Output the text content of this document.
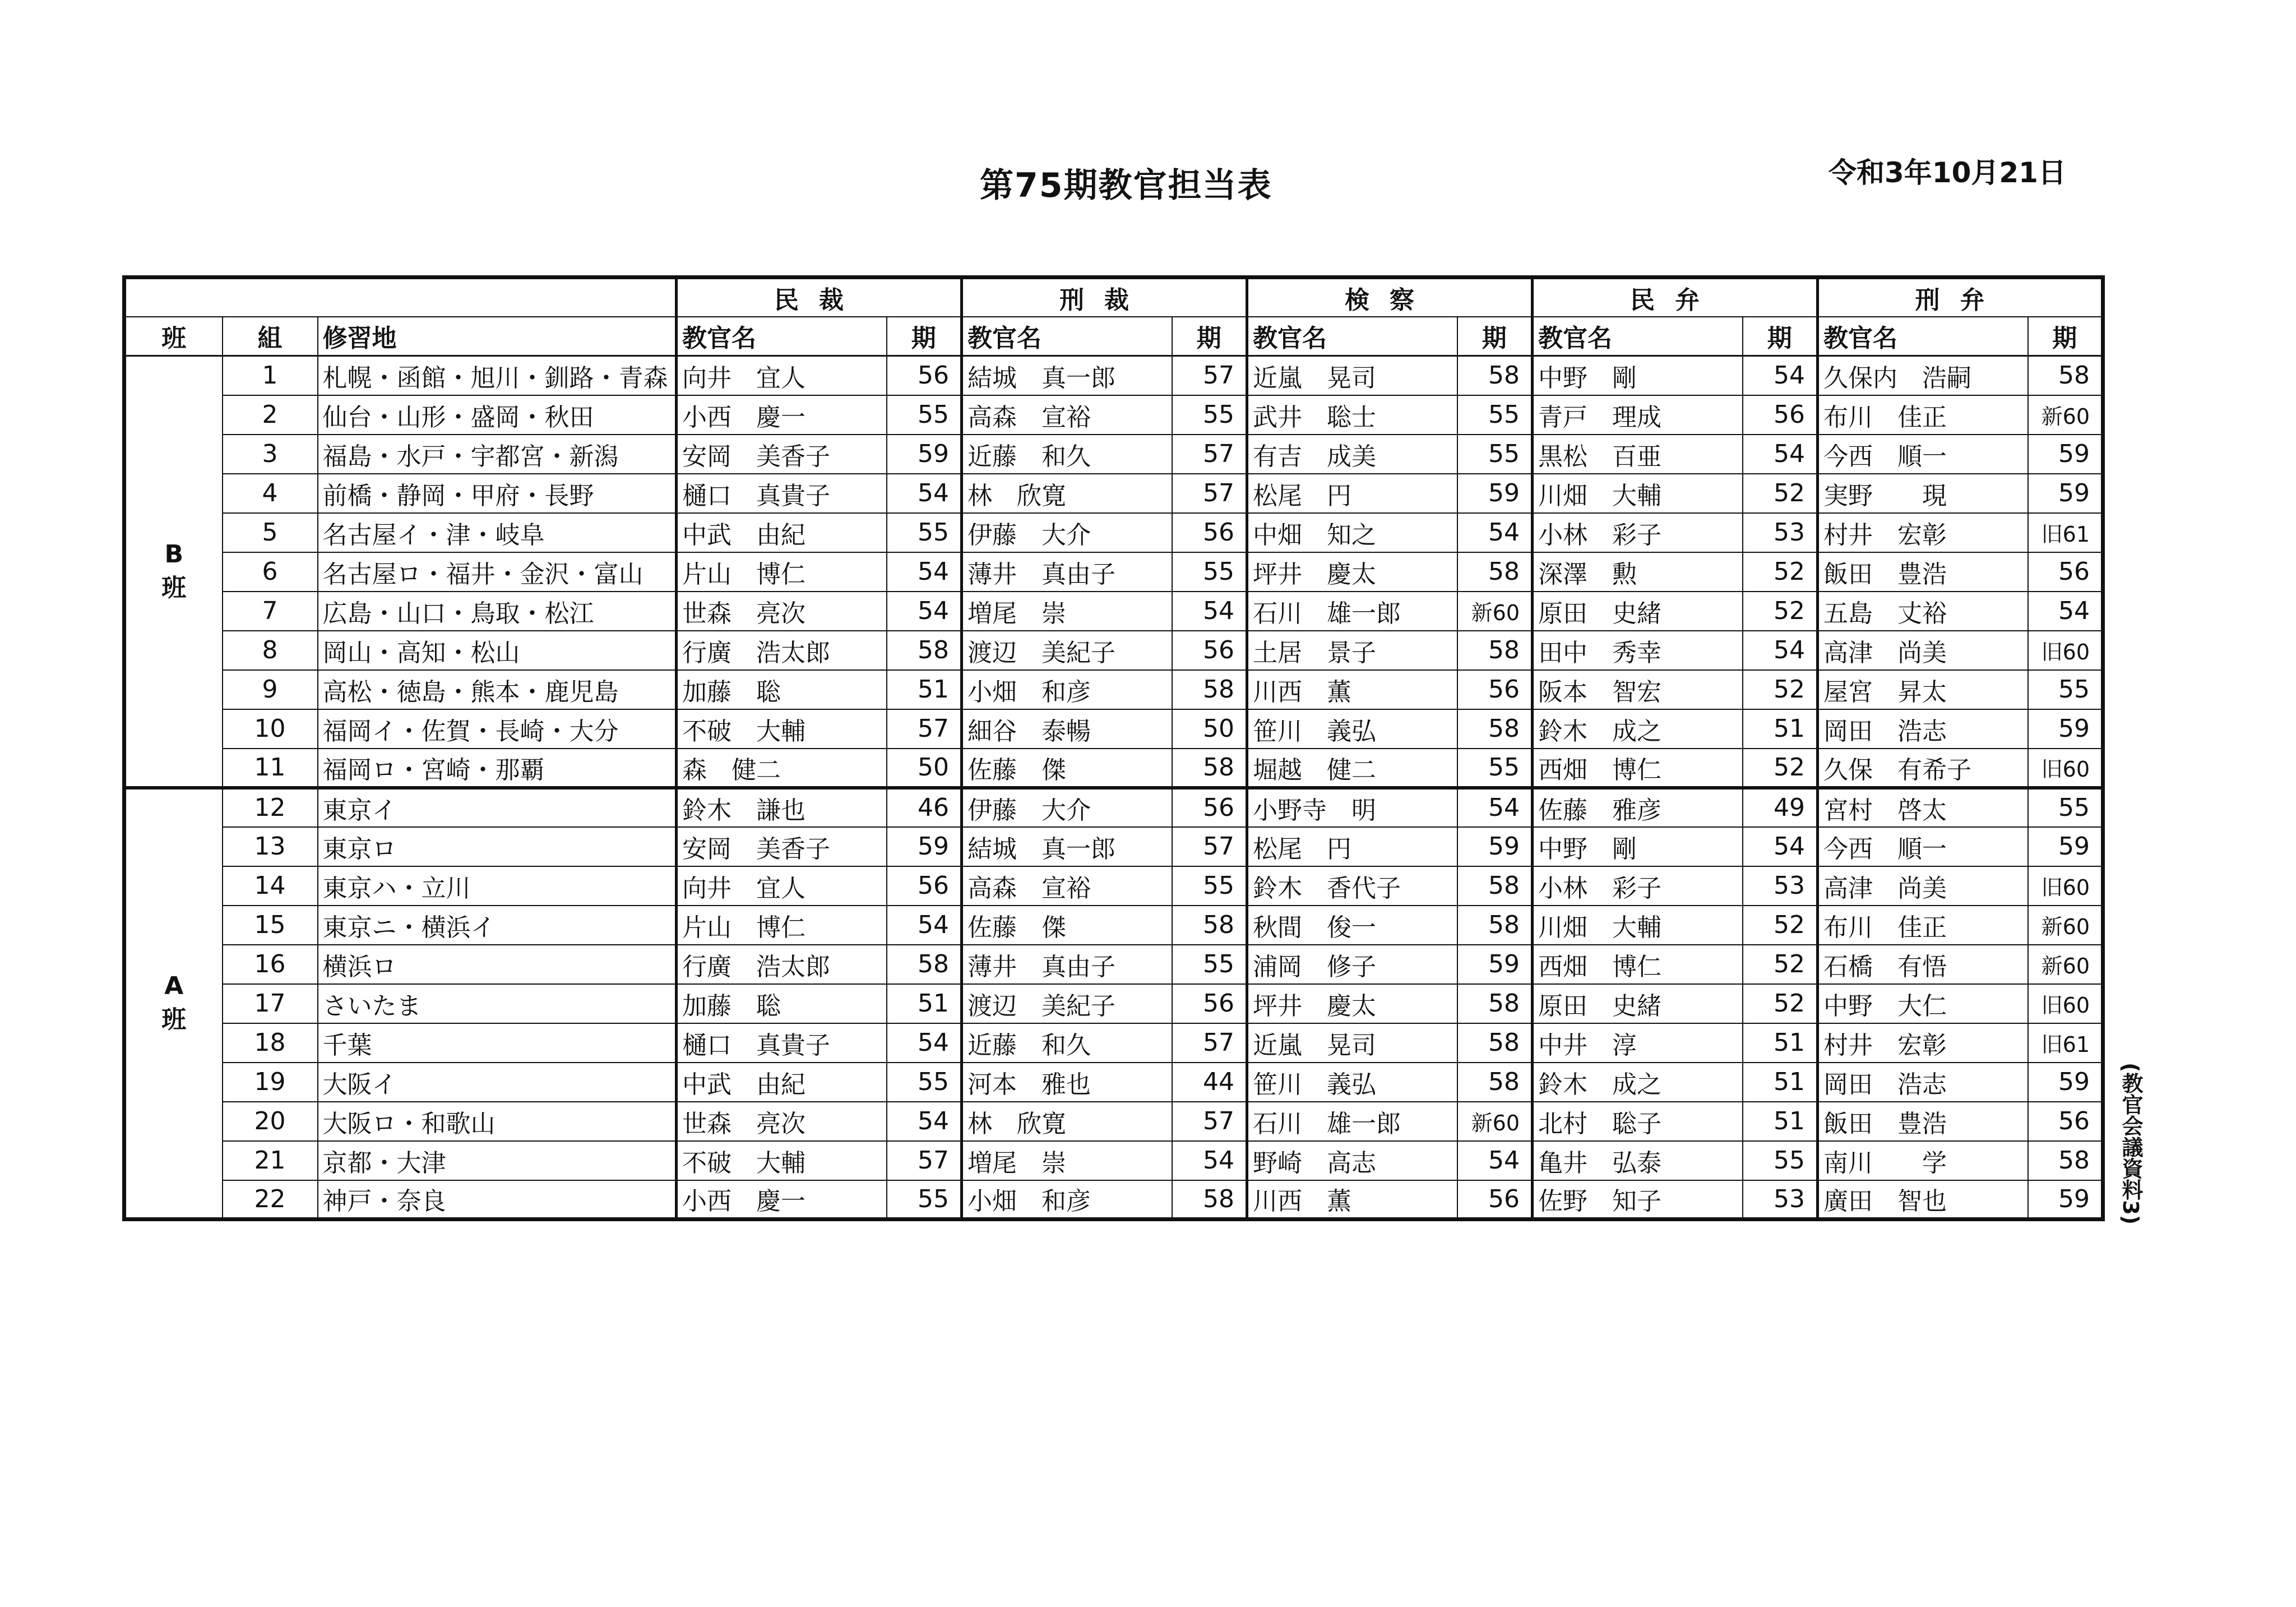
第75期教官担当表	令和3年10月21日
(教官会議資料3)
			民裁		刑裁		検察		民弁		刑弁	
班	組	修習地	教官名	期	教官名	期	教官名	期	教官名	期	教官名	期

B
班	1	札幌・函館・旭川・釧路・青森	向井　宜人	56	結城　真一郎	57	近嵐　晃司	58	中野　剛	54	久保内　浩嗣	58
	2	仙台・山形・盛岡・秋田	小西　慶一	55	高森　宣裕	55	武井　聡士	55	青戸　理成	56	布川　佳正	新60
	3	福島・水戸・宇都宮・新潟	安岡　美香子	59	近藤　和久	57	有吉　成美	55	黒松　百亜	54	今西　順一	59
	4	前橋・静岡・甲府・長野	樋口　真貴子	54	林　欣寛	57	松尾　円	59	川畑　大輔	52	実野　　現	59
	5	名古屋イ・津・岐阜	中武　由紀	55	伊藤　大介	56	中畑　知之	54	小林　彩子	53	村井　宏彰	旧61
	6	名古屋ロ・福井・金沢・富山	片山　博仁	54	薄井　真由子	55	坪井　慶太	58	深澤　勲	52	飯田　豊浩	56
	7	広島・山口・鳥取・松江	世森　亮次	54	増尾　崇	54	石川　雄一郎	新60	原田　史緒	52	五島　丈裕	54
	8	岡山・高知・松山	行廣　浩太郎	58	渡辺　美紀子	56	土居　景子	58	田中　秀幸	54	高津　尚美	旧60
	9	高松・徳島・熊本・鹿児島	加藤　聡	51	小畑　和彦	58	川西　薫	56	阪本　智宏	52	屋宮　昇太	55
	10	福岡イ・佐賀・長崎・大分	不破　大輔	57	細谷　泰暢	50	笹川　義弘	58	鈴木　成之	51	岡田　浩志	59
	11	福岡ロ・宮崎・那覇	森　健二	50	佐藤　傑	58	堀越　健二	55	西畑　博仁	52	久保　有希子	旧60

A
班	12	東京イ	鈴木　謙也	46	伊藤　大介	56	小野寺　明	54	佐藤　雅彦	49	宮村　啓太	55
	13	東京ロ	安岡　美香子	59	結城　真一郎	57	松尾　円	59	中野　剛	54	今西　順一	59
	14	東京ハ・立川	向井　宜人	56	高森　宣裕	55	鈴木　香代子	58	小林　彩子	53	高津　尚美	旧60
	15	東京ニ・横浜イ	片山　博仁	54	佐藤　傑	58	秋間　俊一	58	川畑　大輔	52	布川　佳正	新60
	16	横浜ロ	行廣　浩太郎	58	薄井　真由子	55	浦岡　修子	59	西畑　博仁	52	石橋　有悟	新60
	17	さいたま	加藤　聡	51	渡辺　美紀子	56	坪井　慶太	58	原田　史緒	52	中野　大仁	旧60
	18	千葉	樋口　真貴子	54	近藤　和久	57	近嵐　晃司	58	中井　淳	51	村井　宏彰	旧61
	19	大阪イ	中武　由紀	55	河本　雅也	44	笹川　義弘	58	鈴木　成之	51	岡田　浩志	59
	20	大阪ロ・和歌山	世森　亮次	54	林　欣寛	57	石川　雄一郎	新60	北村　聡子	51	飯田　豊浩	56
	21	京都・大津	不破　大輔	57	増尾　崇	54	野崎　高志	54	亀井　弘泰	55	南川　　学	58
	22	神戸・奈良	小西　慶一	55	小畑　和彦	58	川西　薫	56	佐野　知子	53	廣田　智也	59
